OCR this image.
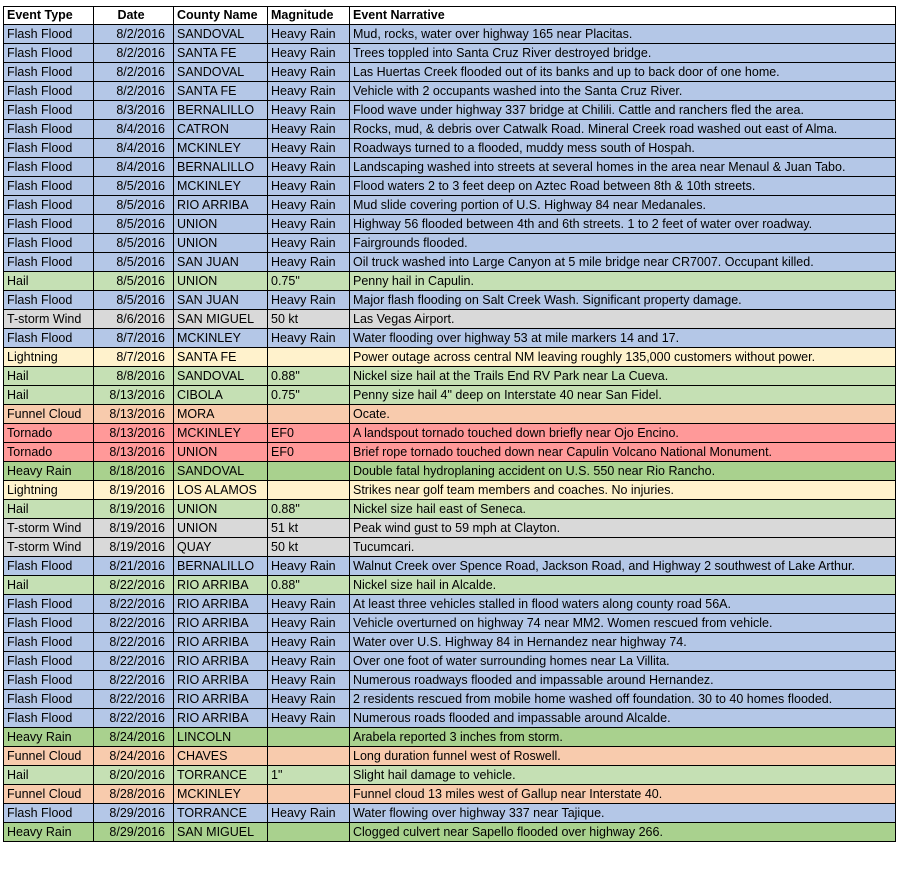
Event Type	Date	County Name	Magnitude	Event Narrative
Flash Flood	8/2/2016	SANDOVAL	Heavy Rain	Mud, rocks, water over highway 165 near Placitas.
Flash Flood	8/2/2016	SANTA FE	Heavy Rain	Trees toppled into Santa Cruz River destroyed bridge.
Flash Flood	8/2/2016	SANDOVAL	Heavy Rain	Las Huertas Creek flooded out of its banks and up to back door of one home.
Flash Flood	8/2/2016	SANTA FE	Heavy Rain	Vehicle with 2 occupants washed into the Santa Cruz River.
Flash Flood	8/3/2016	BERNALILLO	Heavy Rain	Flood wave under highway 337 bridge at Chilili. Cattle and ranchers fled the area.
Flash Flood	8/4/2016	CATRON	Heavy Rain	Rocks, mud, & debris over Catwalk Road. Mineral Creek road washed out east of Alma.
Flash Flood	8/4/2016	MCKINLEY	Heavy Rain	Roadways turned to a flooded, muddy mess south of Hospah.
Flash Flood	8/4/2016	BERNALILLO	Heavy Rain	Landscaping washed into streets at several homes in the area near Menaul & Juan Tabo.
Flash Flood	8/5/2016	MCKINLEY	Heavy Rain	Flood waters 2 to 3 feet deep on Aztec Road between 8th & 10th streets.
Flash Flood	8/5/2016	RIO ARRIBA	Heavy Rain	Mud slide covering portion of U.S. Highway 84 near Medanales.
Flash Flood	8/5/2016	UNION	Heavy Rain	Highway 56 flooded between 4th and 6th streets. 1 to 2 feet of water over roadway.
Flash Flood	8/5/2016	UNION	Heavy Rain	Fairgrounds flooded.
Flash Flood	8/5/2016	SAN JUAN	Heavy Rain	Oil truck washed into Large Canyon at 5 mile bridge near CR7007. Occupant killed.
Hail	8/5/2016	UNION	0.75"	Penny hail in Capulin.
Flash Flood	8/5/2016	SAN JUAN	Heavy Rain	Major flash flooding on Salt Creek Wash. Significant property damage.
T-storm Wind	8/6/2016	SAN MIGUEL	50 kt	Las Vegas Airport.
Flash Flood	8/7/2016	MCKINLEY	Heavy Rain	Water flooding over highway 53 at mile markers 14 and 17.
Lightning	8/7/2016	SANTA FE		Power outage across central NM leaving roughly 135,000 customers without power.
Hail	8/8/2016	SANDOVAL	0.88"	Nickel size hail at the Trails End RV Park near La Cueva.
Hail	8/13/2016	CIBOLA	0.75"	Penny size hail 4" deep on Interstate 40 near San Fidel.
Funnel Cloud	8/13/2016	MORA		Ocate.
Tornado	8/13/2016	MCKINLEY	EF0	A landspout tornado touched down briefly near Ojo Encino.
Tornado	8/13/2016	UNION	EF0	Brief rope tornado touched down near Capulin Volcano National Monument.
Heavy Rain	8/18/2016	SANDOVAL		Double fatal hydroplaning accident on U.S. 550 near Rio Rancho.
Lightning	8/19/2016	LOS ALAMOS		Strikes near golf team members and coaches. No injuries.
Hail	8/19/2016	UNION	0.88"	Nickel size hail east of Seneca.
T-storm Wind	8/19/2016	UNION	51 kt	Peak wind gust to 59 mph at Clayton.
T-storm Wind	8/19/2016	QUAY	50 kt	Tucumcari.
Flash Flood	8/21/2016	BERNALILLO	Heavy Rain	Walnut Creek over Spence Road, Jackson Road, and Highway 2 southwest of Lake Arthur.
Hail	8/22/2016	RIO ARRIBA	0.88"	Nickel size hail in Alcalde.
Flash Flood	8/22/2016	RIO ARRIBA	Heavy Rain	At least three vehicles stalled in flood waters along county road 56A.
Flash Flood	8/22/2016	RIO ARRIBA	Heavy Rain	Vehicle overturned on highway 74 near MM2. Women rescued from vehicle.
Flash Flood	8/22/2016	RIO ARRIBA	Heavy Rain	Water over U.S. Highway 84 in Hernandez near highway 74.
Flash Flood	8/22/2016	RIO ARRIBA	Heavy Rain	Over one foot of water surrounding homes near La Villita.
Flash Flood	8/22/2016	RIO ARRIBA	Heavy Rain	Numerous roadways flooded and impassable around Hernandez.
Flash Flood	8/22/2016	RIO ARRIBA	Heavy Rain	2 residents rescued from mobile home washed off foundation. 30 to 40 homes flooded.
Flash Flood	8/22/2016	RIO ARRIBA	Heavy Rain	Numerous roads flooded and impassable around Alcalde.
Heavy Rain	8/24/2016	LINCOLN		Arabela reported 3 inches from storm.
Funnel Cloud	8/24/2016	CHAVES		Long duration funnel west of Roswell.
Hail	8/20/2016	TORRANCE	1"	Slight hail damage to vehicle.
Funnel Cloud	8/28/2016	MCKINLEY		Funnel cloud 13 miles west of Gallup near Interstate 40.
Flash Flood	8/29/2016	TORRANCE	Heavy Rain	Water flowing over highway 337 near Tajique.
Heavy Rain	8/29/2016	SAN MIGUEL		Clogged culvert near Sapello flooded over highway 266.
